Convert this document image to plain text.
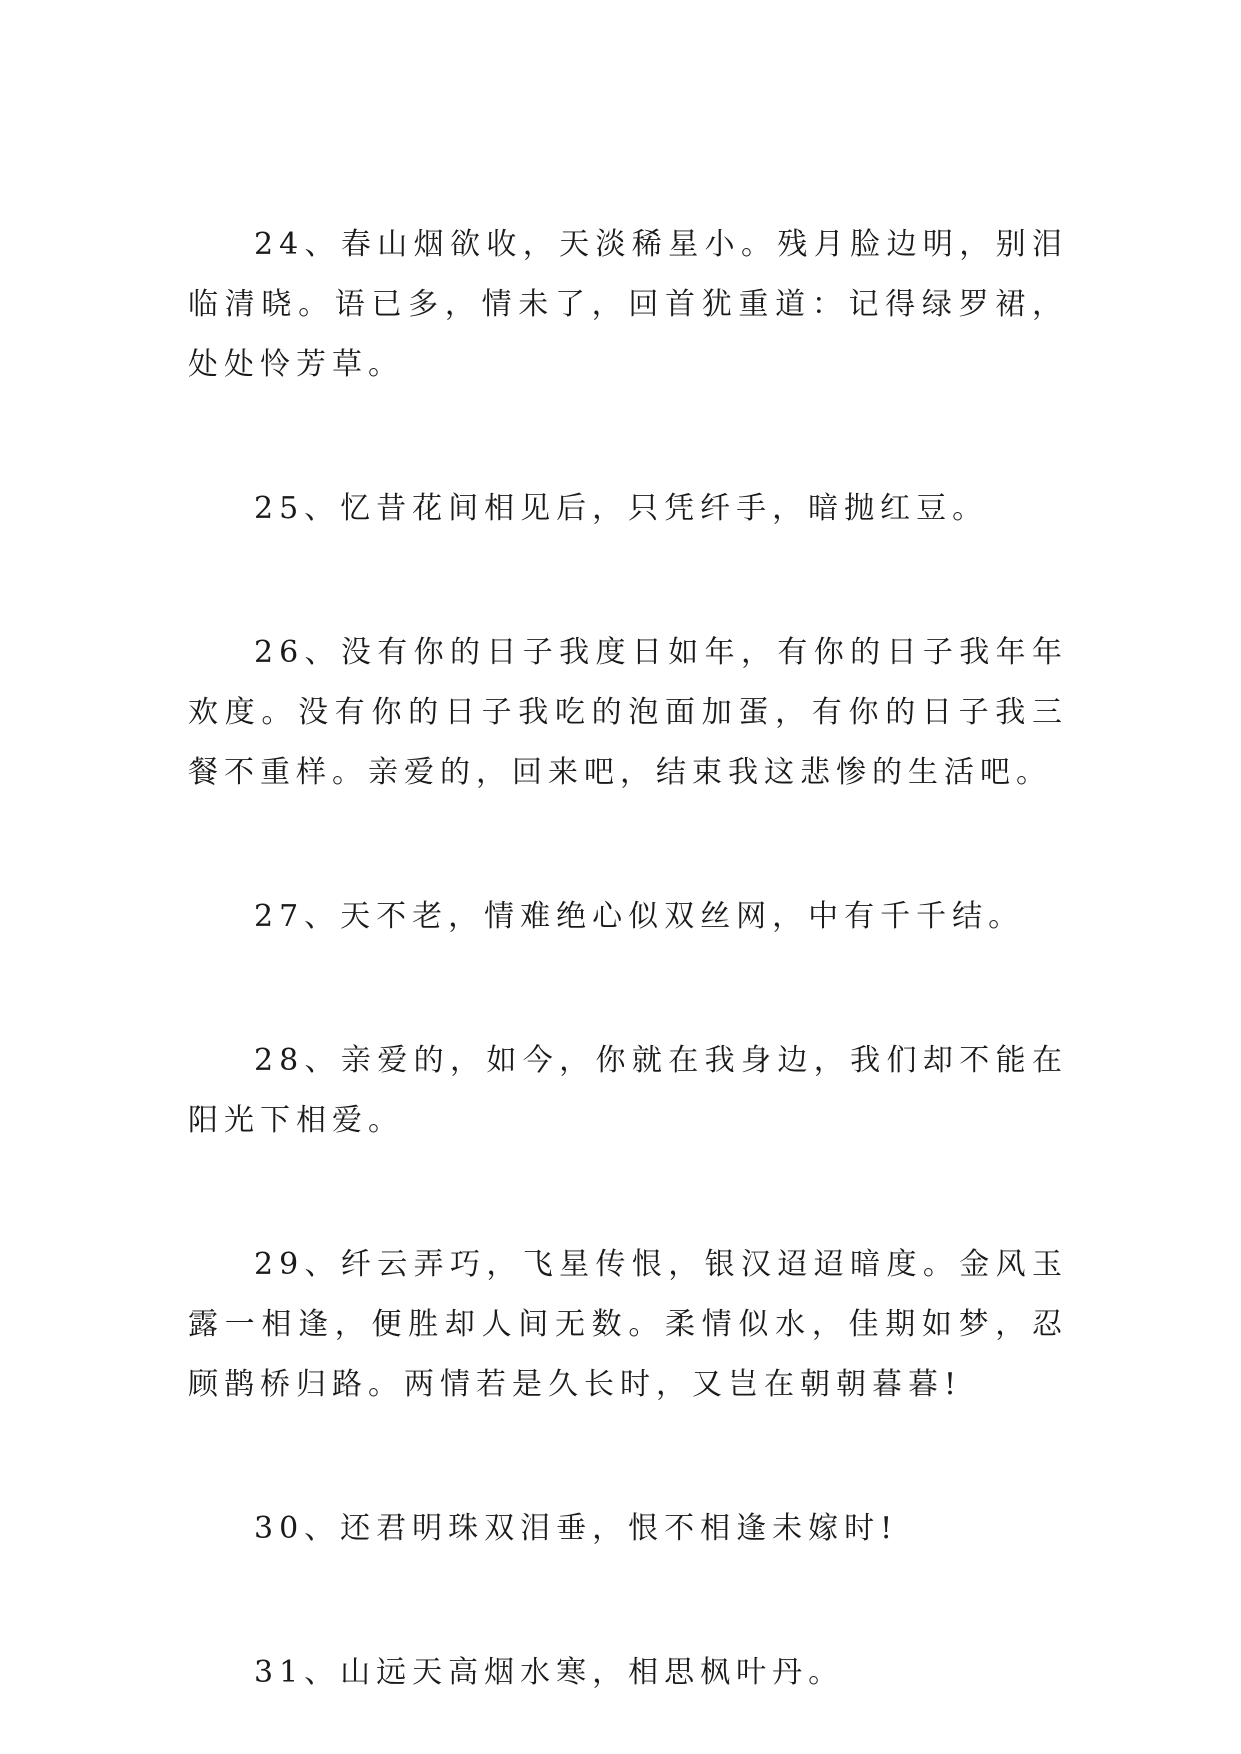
24、春山烟欲收，天淡稀星小。残月脸边明，别泪临清晓。语已多，情未了，回首犹重道：记得绿罗裙，处处怜芳草。

25、忆昔花间相见后，只凭纤手，暗抛红豆。

26、没有你的日子我度日如年，有你的日子我年年欢度。没有你的日子我吃的泡面加蛋，有你的日子我三餐不重样。亲爱的，回来吧，结束我这悲惨的生活吧。

27、天不老，情难绝心似双丝网，中有千千结。

28、亲爱的，如今，你就在我身边，我们却不能在阳光下相爱。

29、纤云弄巧，飞星传恨，银汉迢迢暗度。金风玉露一相逢，便胜却人间无数。柔情似水，佳期如梦，忍顾鹊桥归路。两情若是久长时，又岂在朝朝暮暮!

30、还君明珠双泪垂，恨不相逢未嫁时!

31、山远天高烟水寒，相思枫叶丹。
